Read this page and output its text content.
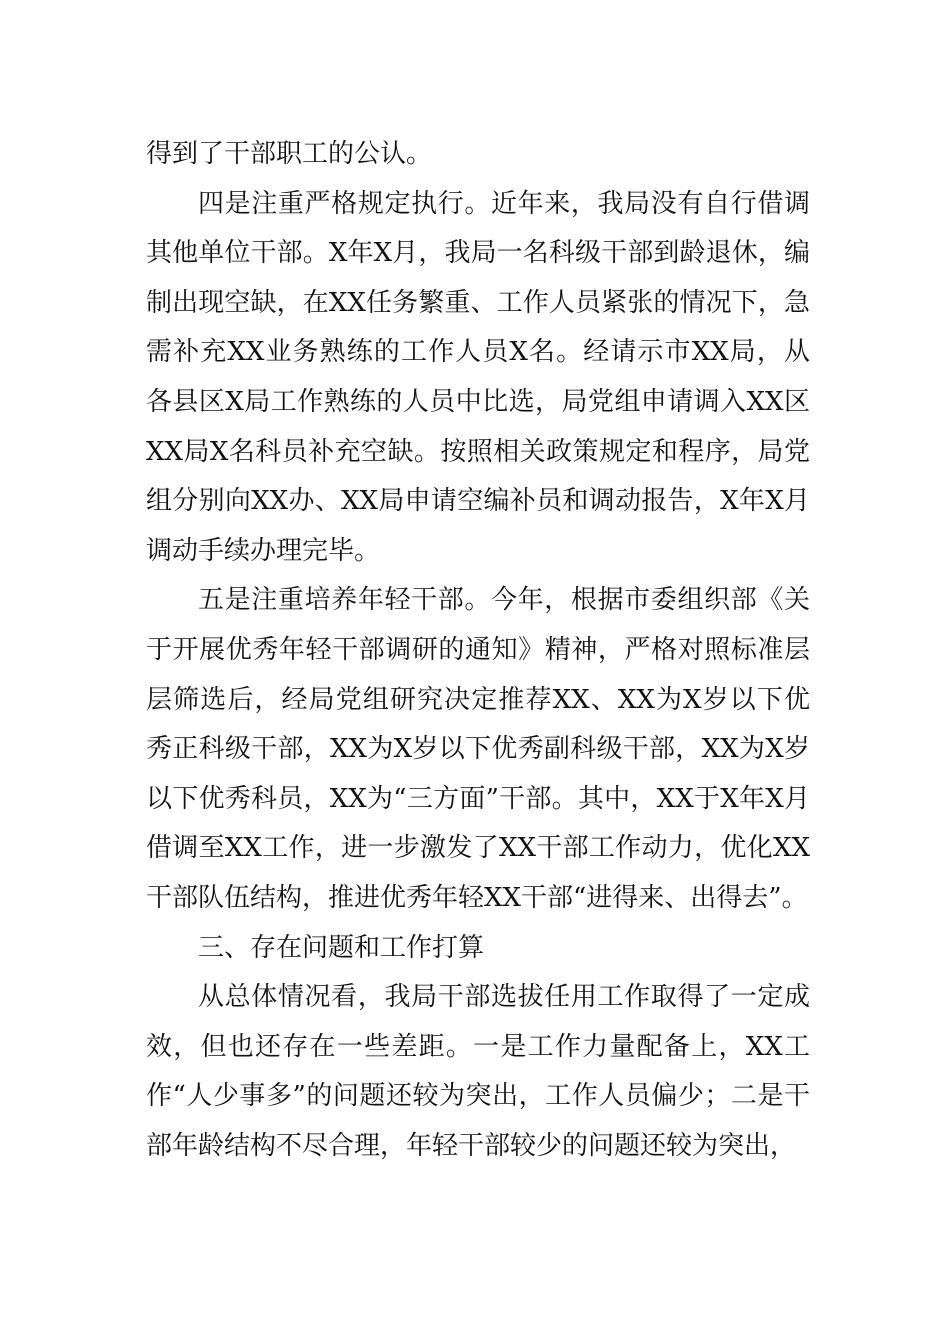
得到了干部职工的公认。

四是注重严格规定执行。近年来，我局没有自行借调其他单位干部。X年X月，我局一名科级干部到龄退休，编制出现空缺，在XX任务繁重、工作人员紧张的情况下，急需补充XX业务熟练的工作人员X名。经请示市XX局，从各县区X局工作熟练的人员中比选，局党组申请调入XX区XX局X名科员补充空缺。按照相关政策规定和程序，局党组分别向XX办、XX局申请空编补员和调动报告，X年X月调动手续办理完毕。

五是注重培养年轻干部。今年，根据市委组织部《关于开展优秀年轻干部调研的通知》精神，严格对照标准层层筛选后，经局党组研究决定推荐XX、XX为X岁以下优秀正科级干部，XX为X岁以下优秀副科级干部，XX为X岁以下优秀科员，XX为“三方面”干部。其中，XX于X年X月借调至XX工作，进一步激发了XX干部工作动力，优化XX干部队伍结构，推进优秀年轻XX干部“进得来、出得去”。

三、存在问题和工作打算

从总体情况看，我局干部选拔任用工作取得了一定成效，但也还存在一些差距。一是工作力量配备上，XX工作“人少事多”的问题还较为突出，工作人员偏少；二是干部年龄结构不尽合理，年轻干部较少的问题还较为突出，
